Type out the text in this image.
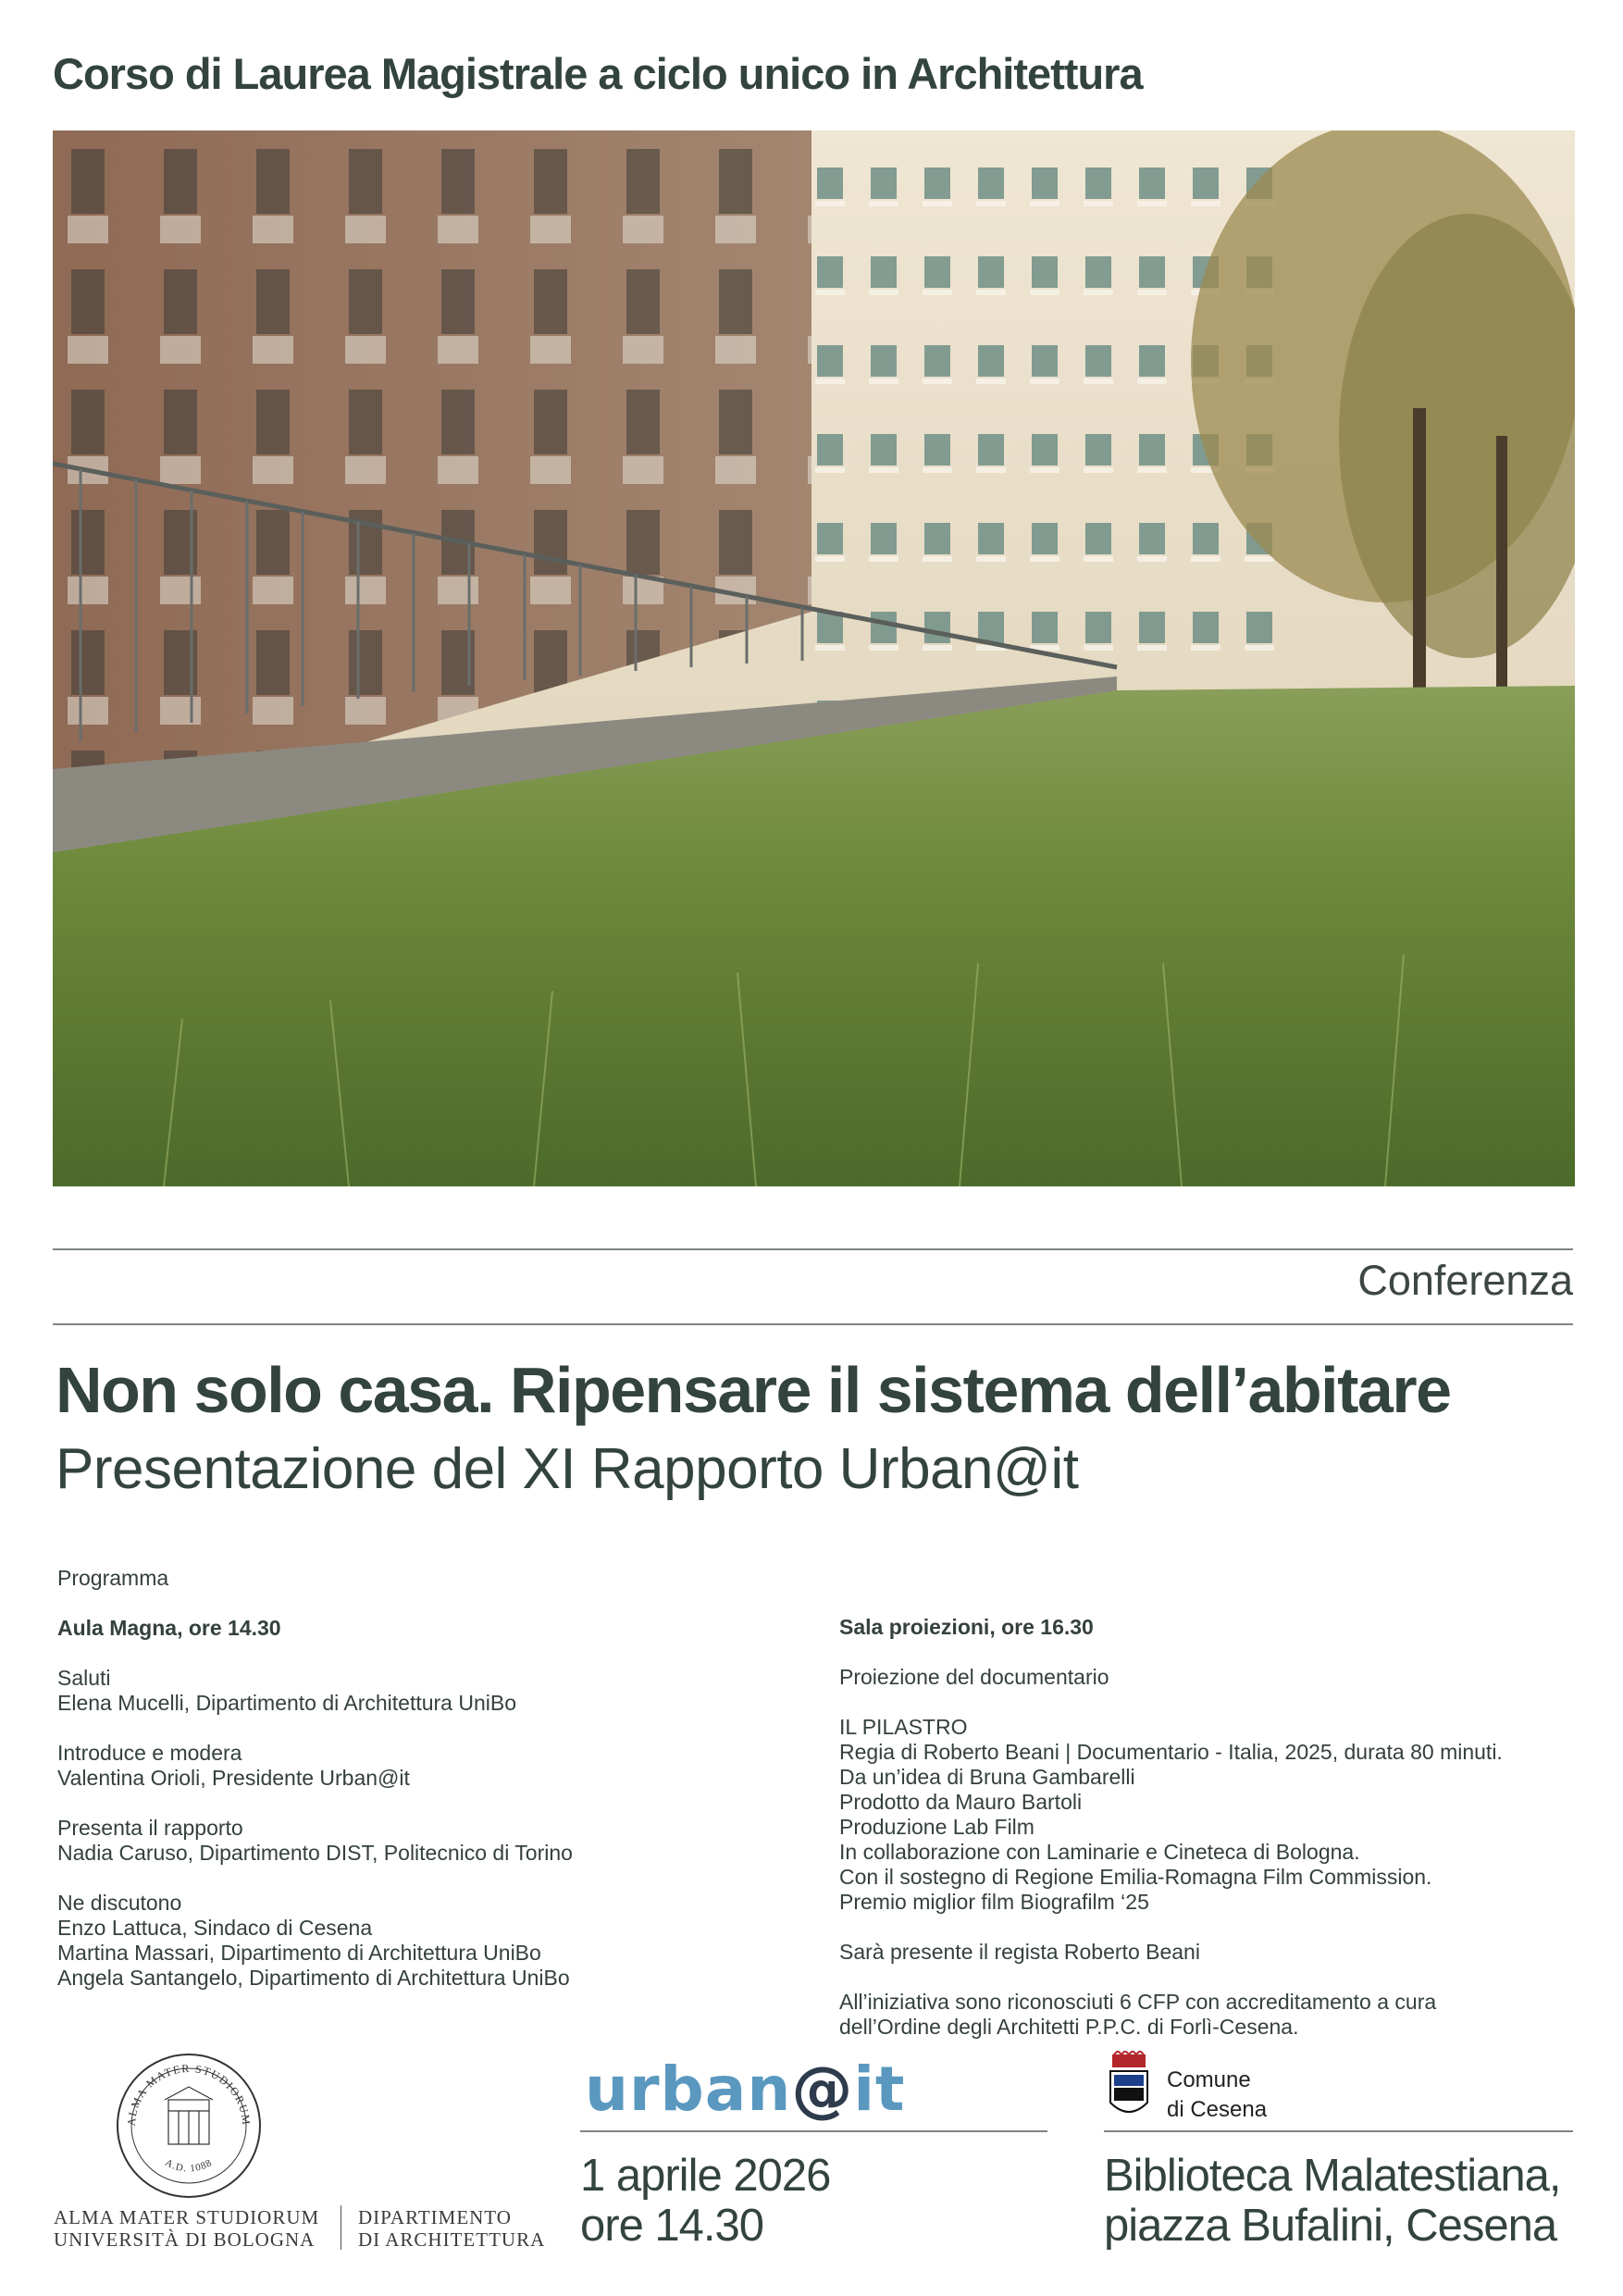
Corso di Laurea Magistrale a ciclo unico in Architettura
Conferenza
Non solo casa. Ripensare il sistema dell’abitare
Presentazione del XI Rapporto Urban@it

Programma

Aula Magna, ore 14.30

Saluti
Elena Mucelli, Dipartimento di Architettura UniBo

Introduce e modera
Valentina Orioli, Presidente Urban@it

Presenta il rapporto
Nadia Caruso, Dipartimento DIST, Politecnico di Torino

Ne discutono
Enzo Lattuca, Sindaco di Cesena
Martina Massari, Dipartimento di Architettura UniBo
Angela Santangelo, Dipartimento di Architettura UniBo

Sala proiezioni, ore 16.30

Proiezione del documentario

IL PILASTRO
Regia di Roberto Beani | Documentario - Italia, 2025, durata 80 minuti.
Da un’idea di Bruna Gambarelli
Prodotto da Mauro Bartoli
Produzione Lab Film
In collaborazione con Laminarie e Cineteca di Bologna.
Con il sostegno di Regione Emilia-Romagna Film Commission.
Premio miglior film Biografilm ‘25

Sarà presente il regista Roberto Beani

All’iniziativa sono riconosciuti 6 CFP con accreditamento a cura
dell’Ordine degli Architetti P.P.C. di Forlì-Cesena.

ALMA MATER STUDIORUM
A.D. 1088
ALMA MATER STUDIORUM
UNIVERSITÀ DI BOLOGNA
DIPARTIMENTO
DI ARCHITETTURA
urban@it	Comune
di Cesena
1 aprile 2026
ore 14.30
Biblioteca Malatestiana,
piazza Bufalini, Cesena
